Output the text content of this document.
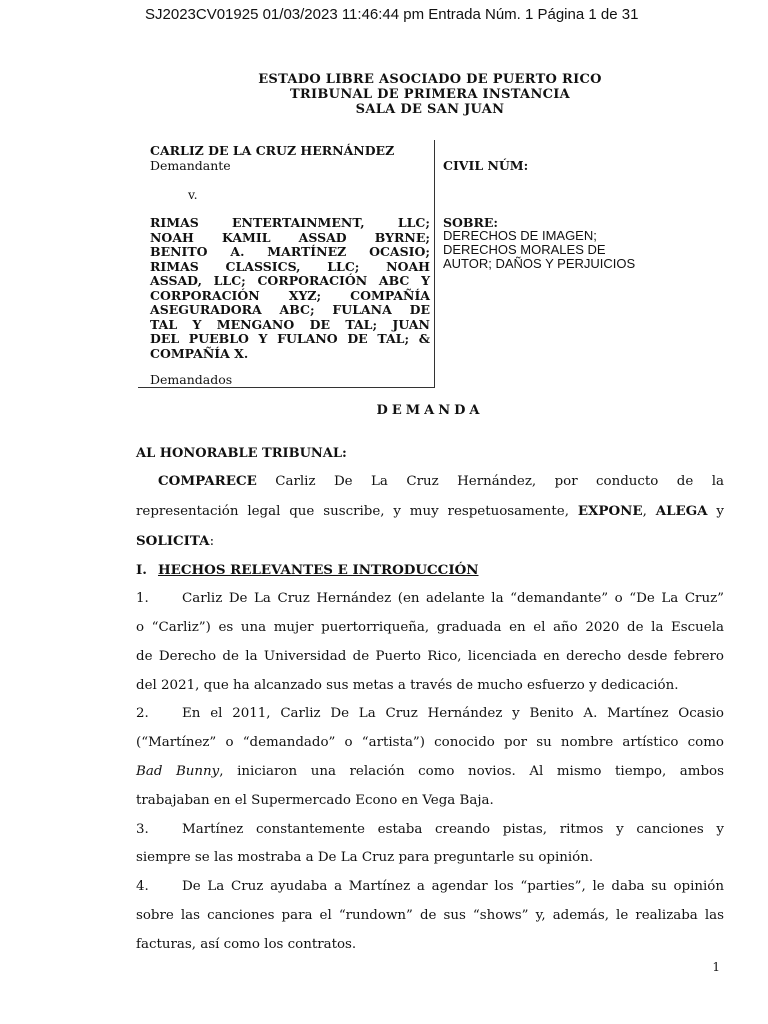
SJ2023CV01925 01/03/2023 11:46:44 pm Entrada Núm. 1 Página 1 de 31
ESTADO LIBRE ASOCIADO DE PUERTO RICO
TRIBUNAL DE PRIMERA INSTANCIA
SALA DE SAN JUAN
CARLIZ DE LA CRUZ HERNÁNDEZ
Demandante
v.
RIMAS ENTERTAINMENT, LLC;
NOAH KAMIL ASSAD BYRNE;
BENITO A. MARTÍNEZ OCASIO;
RIMAS CLASSICS, LLC; NOAH
ASSAD, LLC; CORPORACIÓN ABC Y
CORPORACIÓN XYZ; COMPAÑÍA
ASEGURADORA ABC; FULANA DE
TAL Y MENGANO DE TAL; JUAN
DEL PUEBLO Y FULANO DE TAL; &
COMPAÑÍA X.
Demandados
CIVIL NÚM:
SOBRE:
DERECHOS DE IMAGEN;
DERECHOS MORALES DE
AUTOR; DAÑOS Y PERJUICIOS
DEMANDA
AL HONORABLE TRIBUNAL:
COMPARECE Carliz De La Cruz Hernández, por conducto de la
representación legal que suscribe, y muy respetuosamente, EXPONE, ALEGA y
SOLICITA:
I. HECHOS RELEVANTES E INTRODUCCIÓN
1. Carliz De La Cruz Hernández (en adelante la “demandante” o “De La Cruz”
o “Carliz”) es una mujer puertorriqueña, graduada en el año 2020 de la Escuela
de Derecho de la Universidad de Puerto Rico, licenciada en derecho desde febrero
del 2021, que ha alcanzado sus metas a través de mucho esfuerzo y dedicación.
2. En el 2011, Carliz De La Cruz Hernández y Benito A. Martínez Ocasio
(“Martínez” o “demandado” o “artista”) conocido por su nombre artístico como
Bad Bunny, iniciaron una relación como novios. Al mismo tiempo, ambos
trabajaban en el Supermercado Econo en Vega Baja.
3. Martínez constantemente estaba creando pistas, ritmos y canciones y
siempre se las mostraba a De La Cruz para preguntarle su opinión.
4. De La Cruz ayudaba a Martínez a agendar los “parties”, le daba su opinión
sobre las canciones para el “rundown” de sus “shows” y, además, le realizaba las
facturas, así como los contratos.
1
